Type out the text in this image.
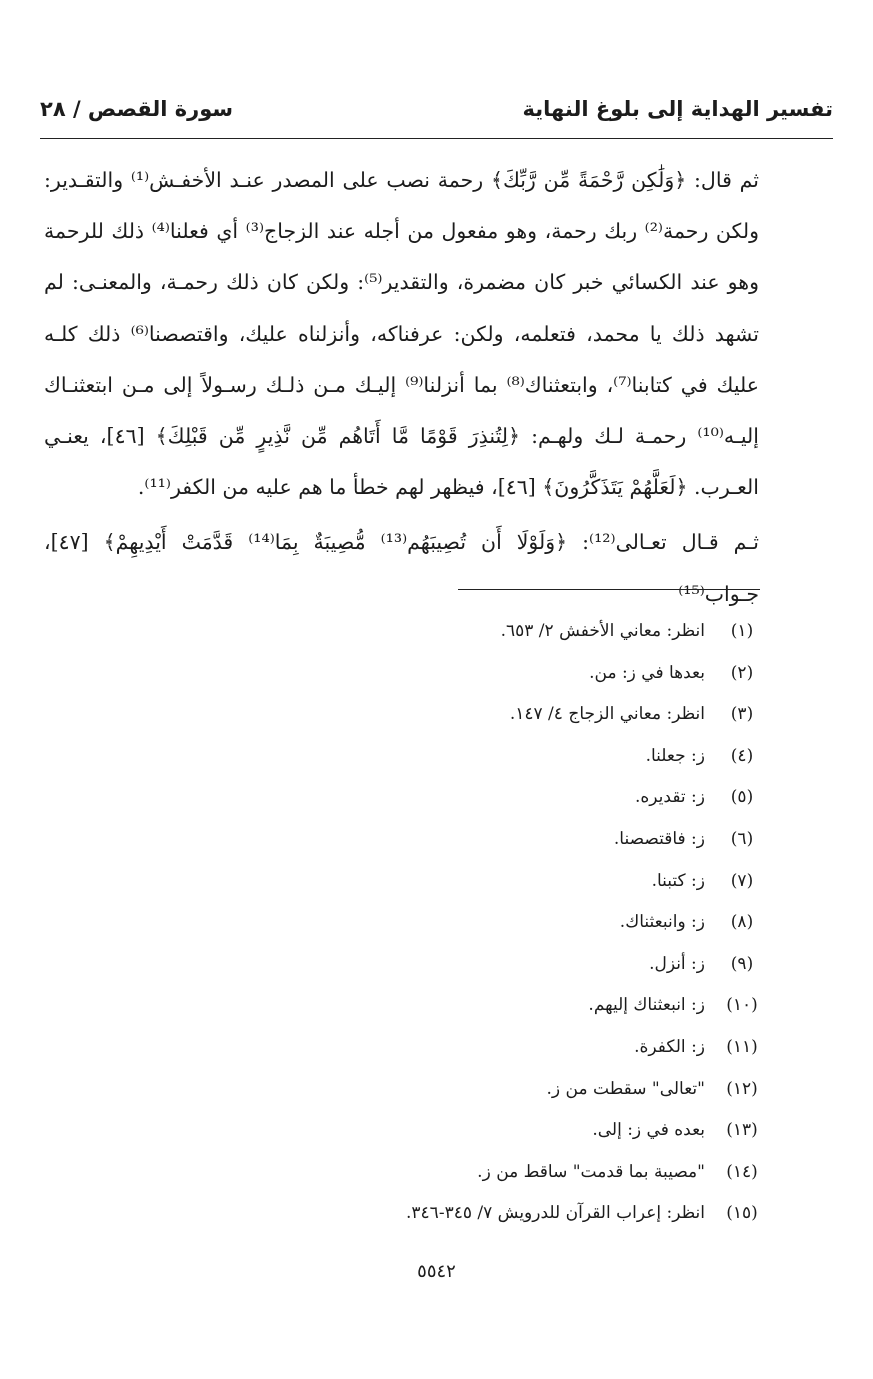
تفسير الهداية إلى بلوغ النهاية
سورة القصص / ٢٨

ثم قال: ﴿وَلَٰكِن رَّحْمَةً مِّن رَّبِّكَ﴾ رحمة نصب على المصدر عنـد الأخفـش⁽¹⁾ والتقـدير: ولكن رحمة⁽²⁾ ربك رحمة، وهو مفعول من أجله عند الزجاج⁽³⁾ أي فعلنا⁽⁴⁾ ذلك للرحمة وهو عند الكسائي خبر كان مضمرة، والتقدير⁽⁵⁾: ولكن كان ذلك رحمـة، والمعنـى: لم تشهد ذلك يا محمد، فتعلمه، ولكن: عرفناكه، وأنزلناه عليك، واقتصصنا⁽⁶⁾ ذلك كلـه عليك في كتابنا⁽⁷⁾، وابتعثناك⁽⁸⁾ بما أنزلنا⁽⁹⁾ إليـك مـن ذلـك رسـولاً إلى مـن ابتعثنـاك إليـه⁽¹⁰⁾ رحمـة لـك ولهـم: ﴿لِتُنذِرَ قَوْمًا مَّا أَتَاهُم مِّن نَّذِيرٍ مِّن قَبْلِكَ﴾ [٤٦]، يعنـي العـرب. ﴿لَعَلَّهُمْ يَتَذَكَّرُونَ﴾ [٤٦]، فيظهر لهم خطأ ما هم عليه من الكفر⁽¹¹⁾.

ثـم قـال تعـالى⁽¹²⁾: ﴿وَلَوْلَا أَن تُصِيبَهُم⁽¹³⁾ مُّصِيبَةٌ بِمَا⁽¹⁴⁾ قَدَّمَتْ أَيْدِيهِمْ﴾ [٤٧]، جـواب⁽¹⁵⁾

(١)
انظر: معاني الأخفش ٢/ ٦٥٣.
(٢)
بعدها في ز: من.
(٣)
انظر: معاني الزجاج ٤/ ١٤٧.
(٤)
ز: جعلنا.
(٥)
ز: تقديره.
(٦)
ز: فاقتصصنا.
(٧)
ز: كتبنا.
(٨)
ز: وانبعثناك.
(٩)
ز: أنزل.
(١٠)
ز: انبعثناك إليهم.
(١١)
ز: الكفرة.
(١٢)
"تعالى" سقطت من ز.
(١٣)
بعده في ز: إلى.
(١٤)
"مصيبة بما قدمت" ساقط من ز.
(١٥)
انظر: إعراب القرآن للدرويش ٧/ ٣٤٥-٣٤٦.
٥٥٤٢
